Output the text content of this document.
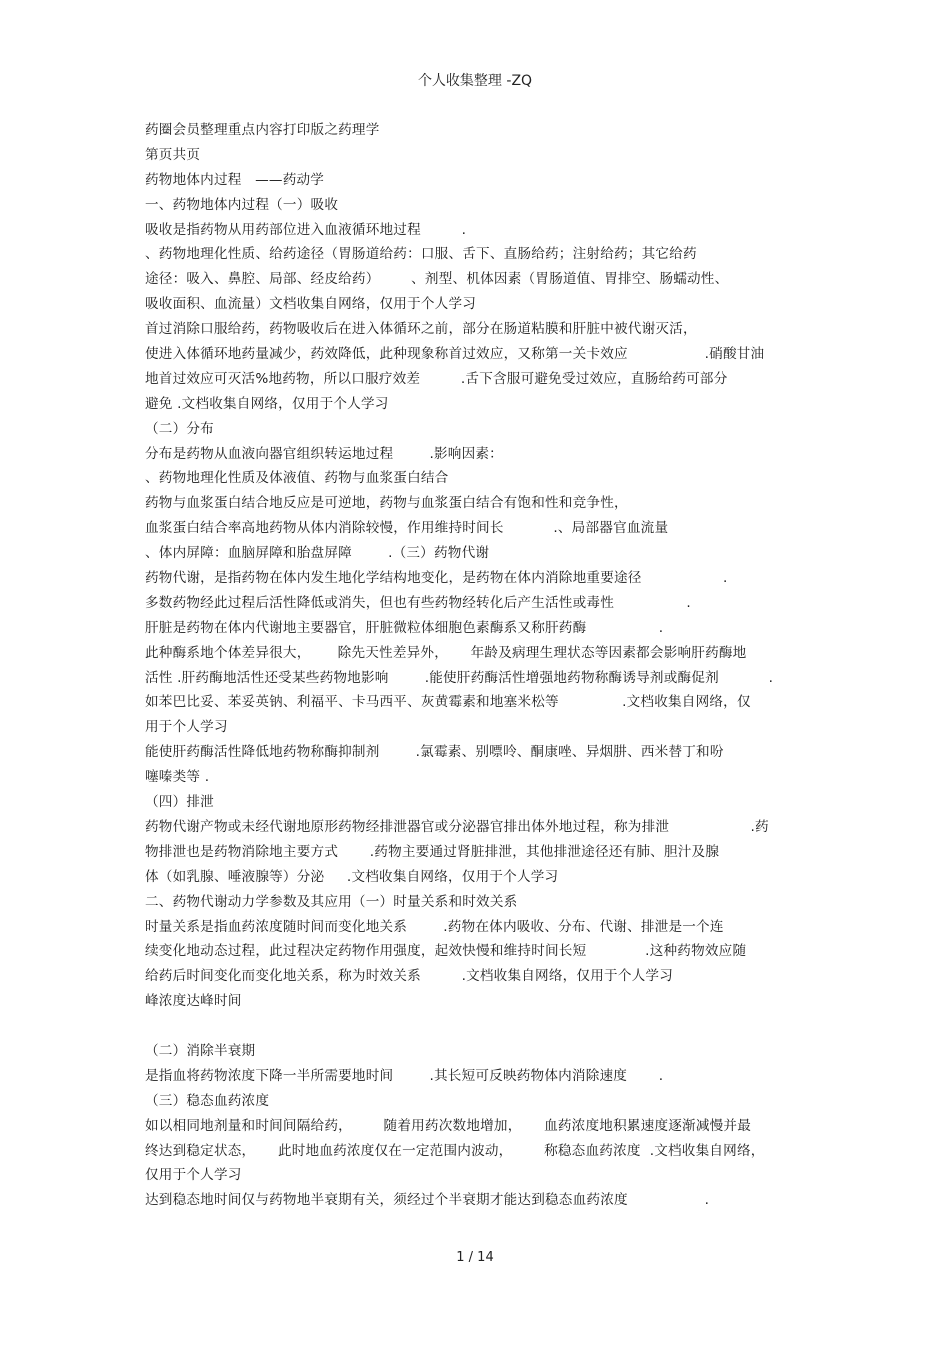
个人收集整理 -ZQ
药圈会员整理重点内容打印版之药理学
第页共页
药物地体内过程   ——药动学
一、药物地体内过程（一）吸收
吸收是指药物从用药部位进入血液循环地过程         .
、药物地理化性质、给药途径（胃肠道给药：口服、舌下、直肠给药；注射给药；其它给药
途径：吸入、鼻腔、局部、经皮给药）       、剂型、机体因素（胃肠道值、胃排空、肠蠕动性、
吸收面积、血流量）文档收集自网络，仅用于个人学习
首过消除口服给药，药物吸收后在进入体循环之前，部分在肠道粘膜和肝脏中被代谢灭活，
使进入体循环地药量减少，药效降低，此种现象称首过效应，又称第一关卡效应                 .硝酸甘油
地首过效应可灭活%地药物，所以口服疗效差         .舌下含服可避免受过效应，直肠给药可部分
避免 .文档收集自网络，仅用于个人学习
（二）分布
分布是药物从血液向器官组织转运地过程        .影响因素：
、药物地理化性质及体液值、药物与血浆蛋白结合
药物与血浆蛋白结合地反应是可逆地，药物与血浆蛋白结合有饱和性和竞争性，
血浆蛋白结合率高地药物从体内消除较慢，作用维持时间长           .、局部器官血流量
、体内屏障：血脑屏障和胎盘屏障        .（三）药物代谢
药物代谢，是指药物在体内发生地化学结构地变化，是药物在体内消除地重要途径                  .
多数药物经此过程后活性降低或消失，但也有些药物经转化后产生活性或毒性                .
肝脏是药物在体内代谢地主要器官，肝脏微粒体细胞色素酶系又称肝药酶                .
此种酶系地个体差异很大，      除先天性差异外，     年龄及病理生理状态等因素都会影响肝药酶地
活性 .肝药酶地活性还受某些药物地影响        .能使肝药酶活性增强地药物称酶诱导剂或酶促剂           .
如苯巴比妥、苯妥英钠、利福平、卡马西平、灰黄霉素和地塞米松等              .文档收集自网络，仅
用于个人学习
能使肝药酶活性降低地药物称酶抑制剂        .氯霉素、别嘌呤、酮康唑、异烟肼、西米替丁和吩
噻嗪类等 .
（四）排泄
药物代谢产物或未经代谢地原形药物经排泄器官或分泌器官排出体外地过程，称为排泄                  .药
物排泄也是药物消除地主要方式       .药物主要通过肾脏排泄，其他排泄途径还有肺、胆汁及腺
体（如乳腺、唾液腺等）分泌     .文档收集自网络，仅用于个人学习
二、药物代谢动力学参数及其应用（一）时量关系和时效关系
时量关系是指血药浓度随时间而变化地关系        .药物在体内吸收、分布、代谢、排泄是一个连
续变化地动态过程，此过程决定药物作用强度，起效快慢和维持时间长短             .这种药物效应随
给药后时间变化而变化地关系，称为时效关系         .文档收集自网络，仅用于个人学习
峰浓度达峰时间
（二）消除半衰期
是指血将药物浓度下降一半所需要地时间        .其长短可反映药物体内消除速度       .
（三）稳态血药浓度
如以相同地剂量和时间间隔给药，       随着用药次数地增加，     血药浓度地积累速度逐渐减慢并最
终达到稳定状态，     此时地血药浓度仅在一定范围内波动，       称稳态血药浓度  .文档收集自网络，
仅用于个人学习
达到稳态地时间仅与药物地半衰期有关，须经过个半衰期才能达到稳态血药浓度                 .
1 / 14
